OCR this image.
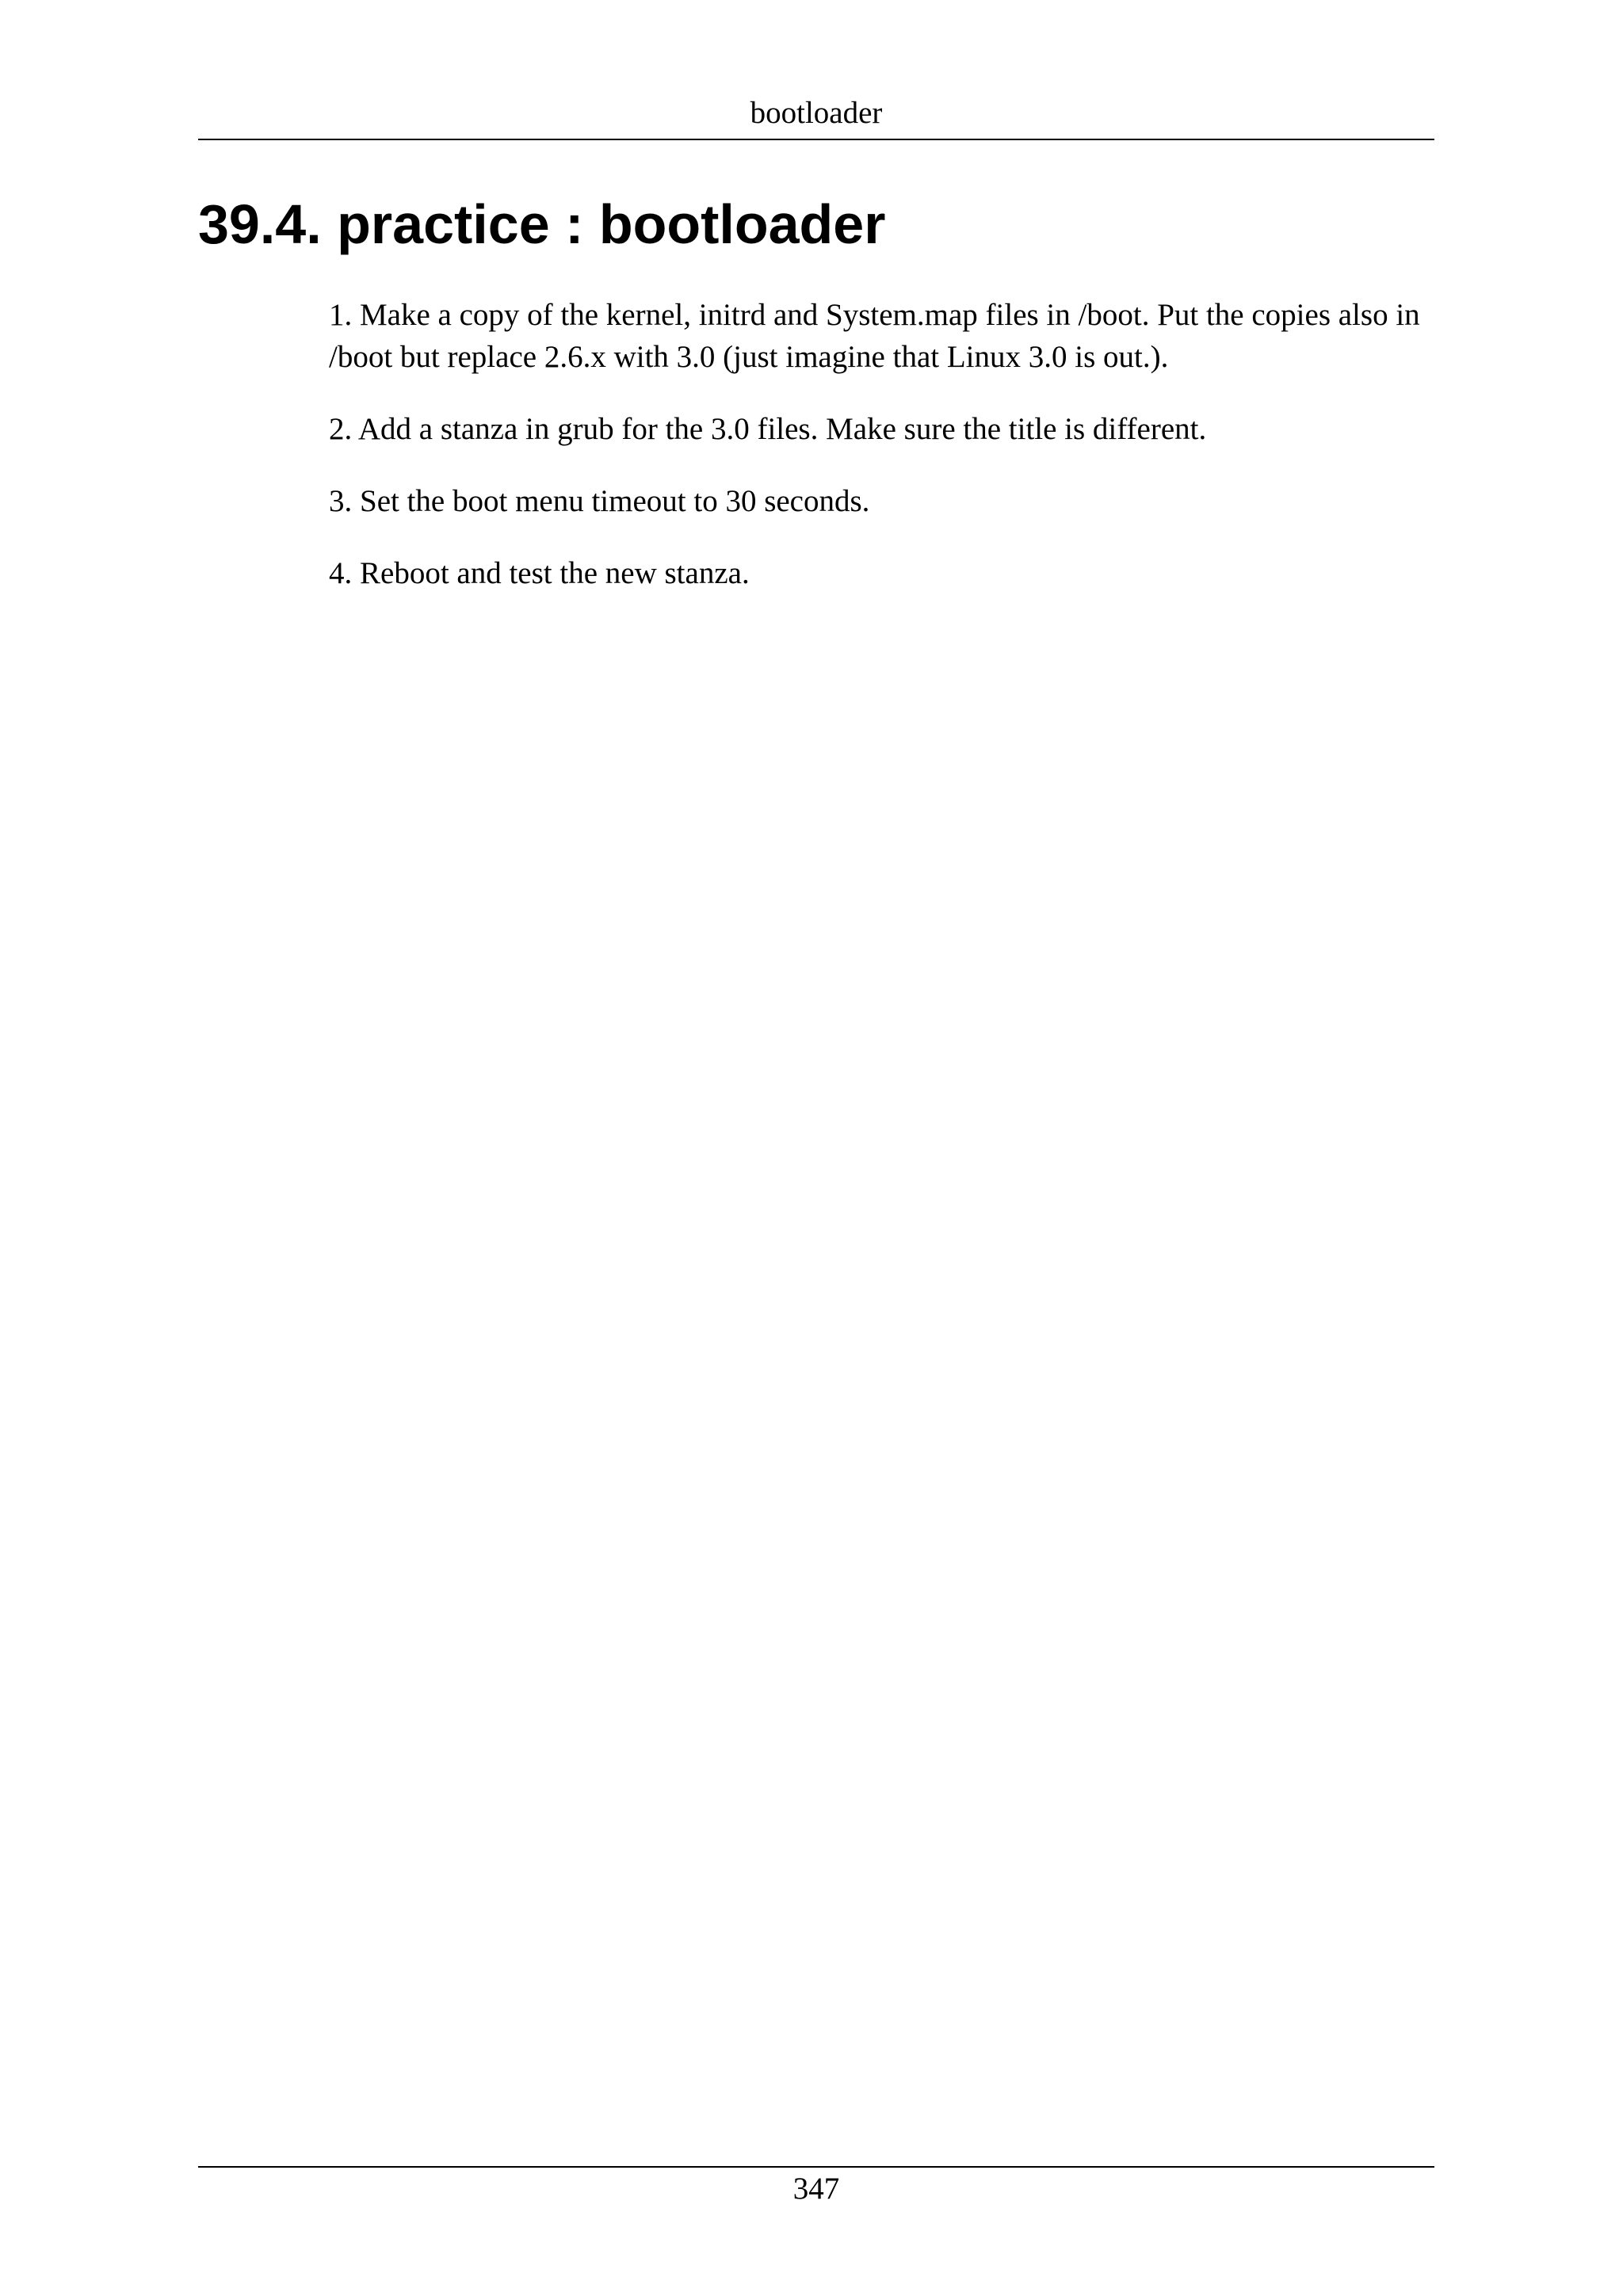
bootloader
39.4. practice : bootloader

1. Make a copy of the kernel, initrd and System.map files in /boot. Put the copies also in /boot but replace 2.6.x with 3.0 (just imagine that Linux 3.0 is out.).

2. Add a stanza in grub for the 3.0 files. Make sure the title is different.

3. Set the boot menu timeout to 30 seconds.

4. Reboot and test the new stanza.

347
